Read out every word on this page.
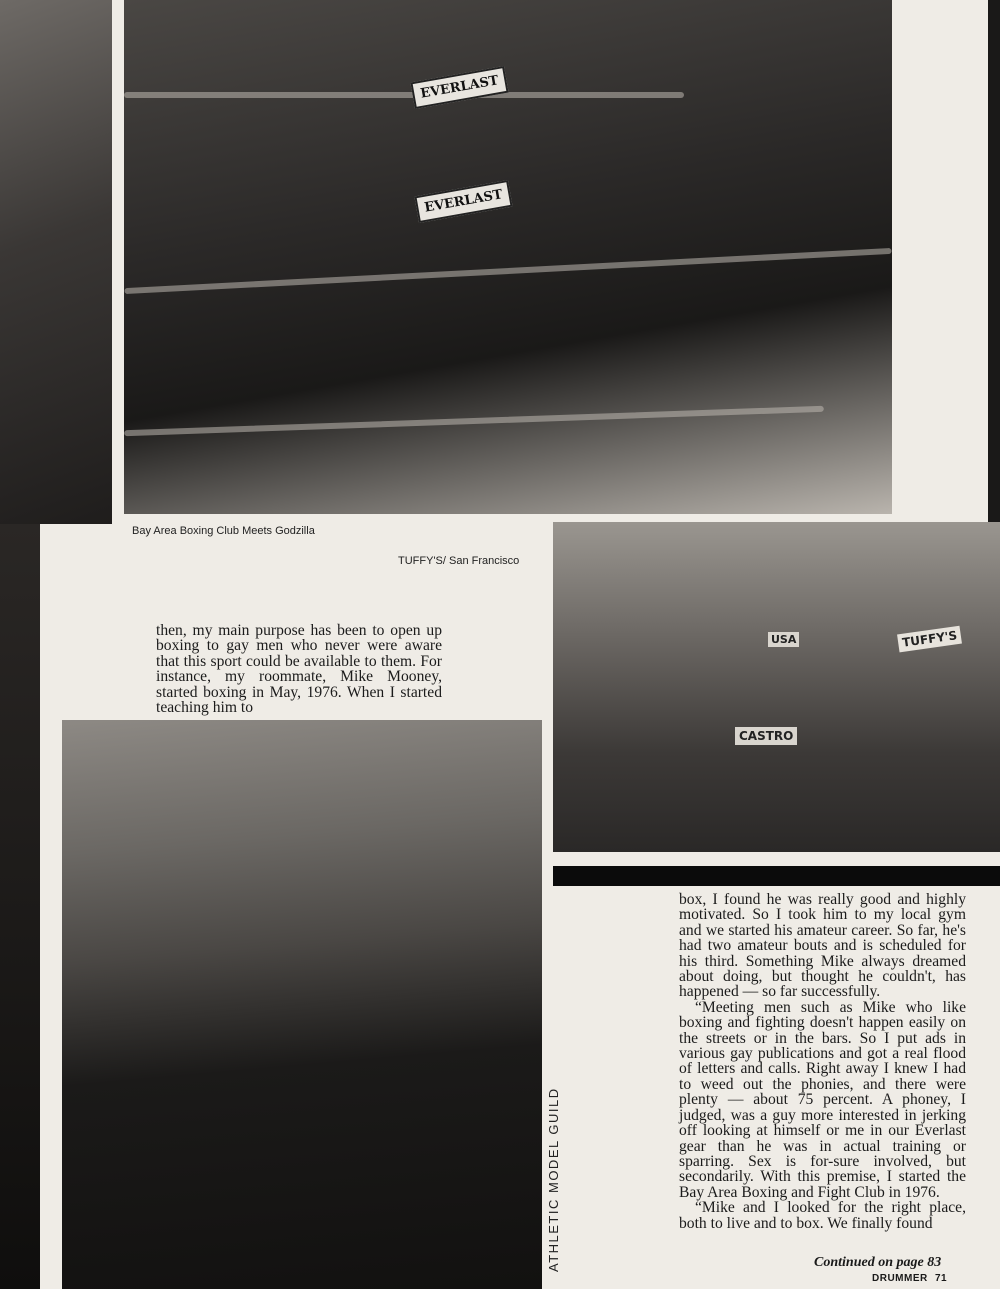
EVERLAST
EVERLAST
Bay Area Boxing Club Meets Godzilla
TUFFY'S/ San Francisco
TUFFY'S
CASTRO
USA

then, my main purpose has been to open up boxing to gay men who never were aware that this sport could be available to them. For instance, my roommate, Mike Mooney, started boxing in May, 1976. When I started teaching him to

ATHLETIC MODEL GUILD

box, I found he was really good and highly motivated. So I took him to my local gym and we started his amateur career. So far, he's had two amateur bouts and is scheduled for his third. Something Mike always dreamed about doing, but thought he couldn't, has happened — so far successfully.

“Meeting men such as Mike who like boxing and fighting doesn't happen easily on the streets or in the bars. So I put ads in various gay publications and got a real flood of letters and calls. Right away I knew I had to weed out the phonies, and there were plenty — about 75 percent. A phoney, I judged, was a guy more interested in jerking off looking at himself or me in our Everlast gear than he was in actual training or sparring. Sex is for-sure involved, but secondarily. With this premise, I started the Bay Area Boxing and Fight Club in 1976.

“Mike and I looked for the right place, both to live and to box. We finally found

Continued on page 83
DRUMMER 71
